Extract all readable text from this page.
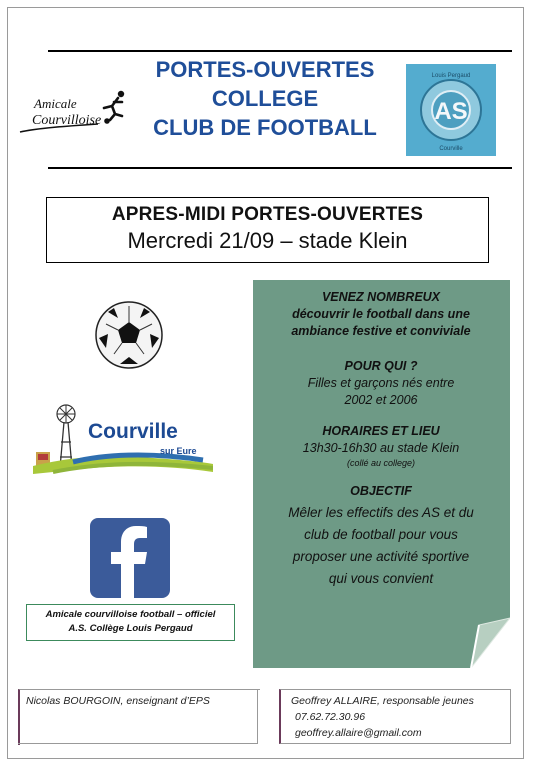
Amicale
Courvilloise
PORTES-OUVERTES
COLLEGE
CLUB DE FOOTBALL
Louis Pergaud
AS
Courville
APRES-MIDI PORTES-OUVERTES
Mercredi 21/09 – stade Klein
Courville
sur Eure
Amicale courvilloise football – officiel
A.S. Collège Louis Pergaud
VENEZ NOMBREUX
découvrir le football dans une
ambiance festive et conviviale
POUR QUI ?
Filles et garçons nés entre
2002 et 2006
HORAIRES ET LIEU
13h30-16h30 au stade Klein
(collé au college)
OBJECTIF
Mêler les effectifs des AS et du
club de football pour vous
proposer une activité sportive
qui vous convient
Nicolas BOURGOIN, enseignant d’EPS	Geoffrey ALLAIRE, responsable jeunes
07.62.72.30.96
geoffrey.allaire@gmail.com
